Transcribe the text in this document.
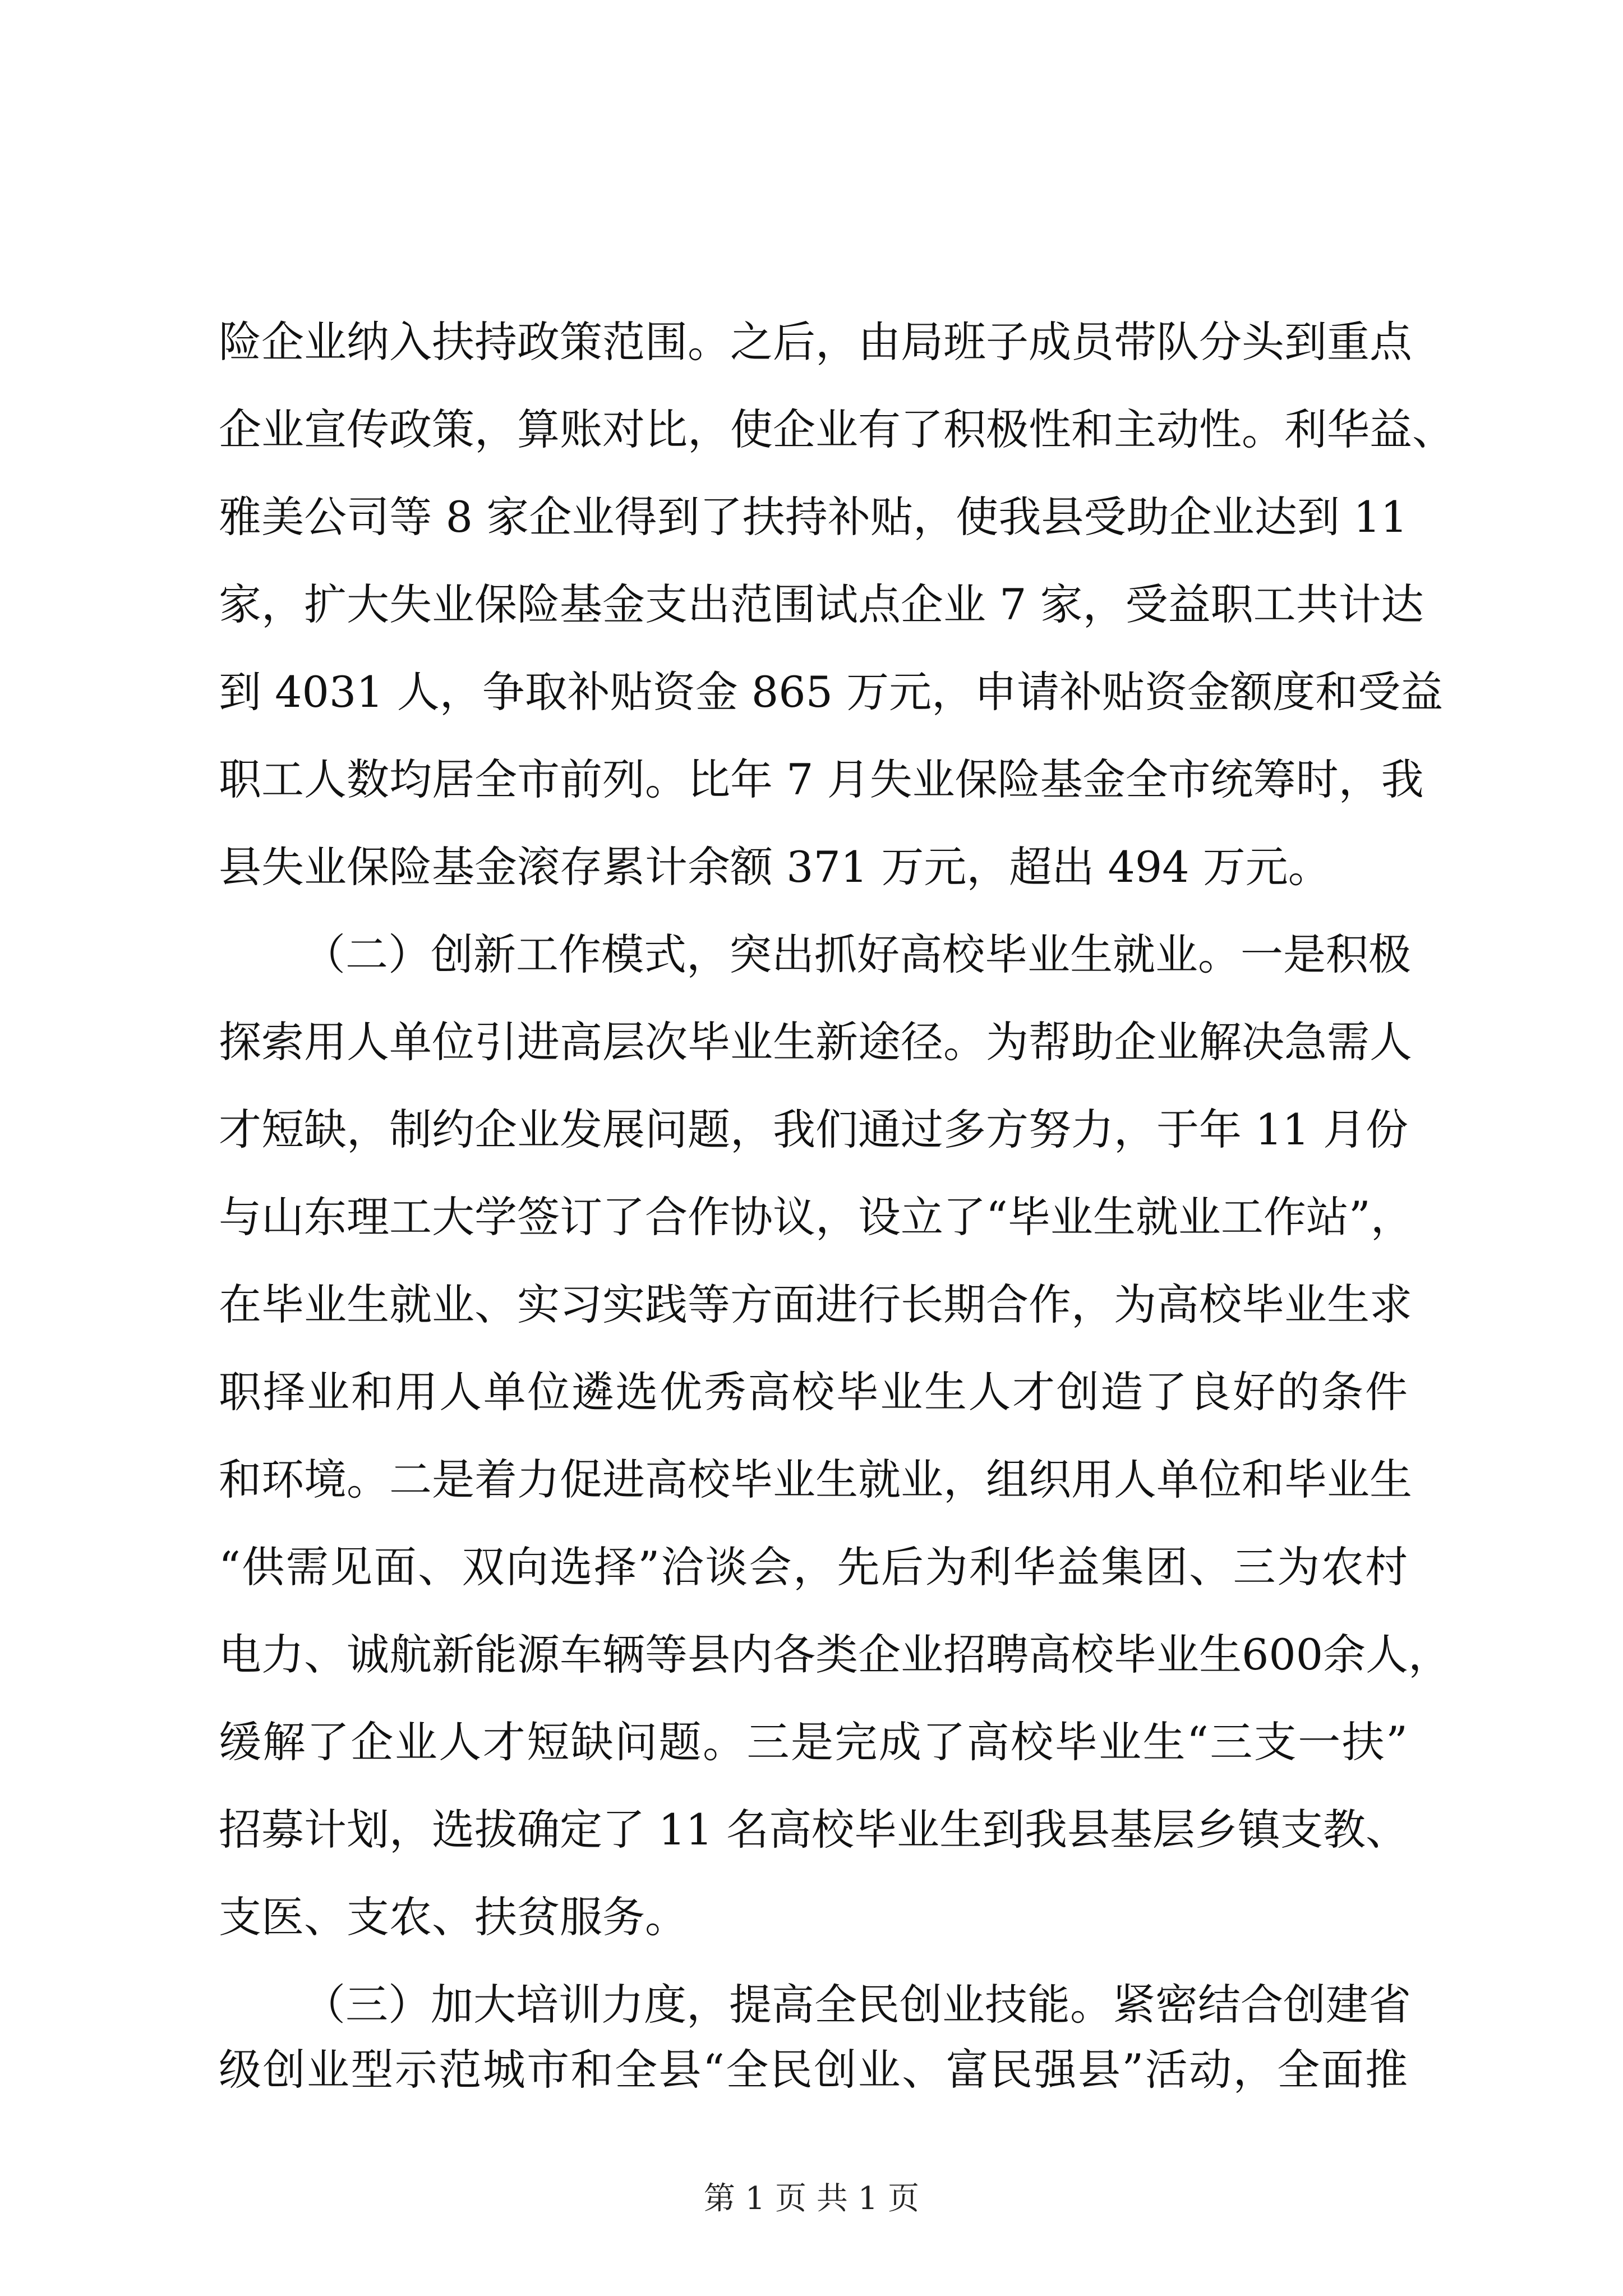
险企业纳入扶持政策范围。之后，由局班子成员带队分头到重点
企业宣传政策，算账对比，使企业有了积极性和主动性。利华益、
雅美公司等 8 家企业得到了扶持补贴，使我县受助企业达到 11
家，扩大失业保险基金支出范围试点企业 7 家，受益职工共计达
到 4031 人，争取补贴资金 865 万元，申请补贴资金额度和受益
职工人数均居全市前列。比年 7 月失业保险基金全市统筹时，我
县失业保险基金滚存累计余额 371 万元，超出 494 万元。
（二）创新工作模式，突出抓好高校毕业生就业。一是积极
探索用人单位引进高层次毕业生新途径。为帮助企业解决急需人
才短缺，制约企业发展问题，我们通过多方努力，于年 11 月份
与山东理工大学签订了合作协议，设立了“毕业生就业工作站”，
在毕业生就业、实习实践等方面进行长期合作，为高校毕业生求
职择业和用人单位遴选优秀高校毕业生人才创造了良好的条件
和环境。二是着力促进高校毕业生就业，组织用人单位和毕业生
“供需见面、双向选择”洽谈会，先后为利华益集团、三为农村
电力、诚航新能源车辆等县内各类企业招聘高校毕业生600余人，
缓解了企业人才短缺问题。三是完成了高校毕业生“三支一扶”
招募计划，选拔确定了 11 名高校毕业生到我县基层乡镇支教、
支医、支农、扶贫服务。
（三）加大培训力度，提高全民创业技能。紧密结合创建省
级创业型示范城市和全县“全民创业、富民强县”活动，全面推
第 1 页 共 1 页
